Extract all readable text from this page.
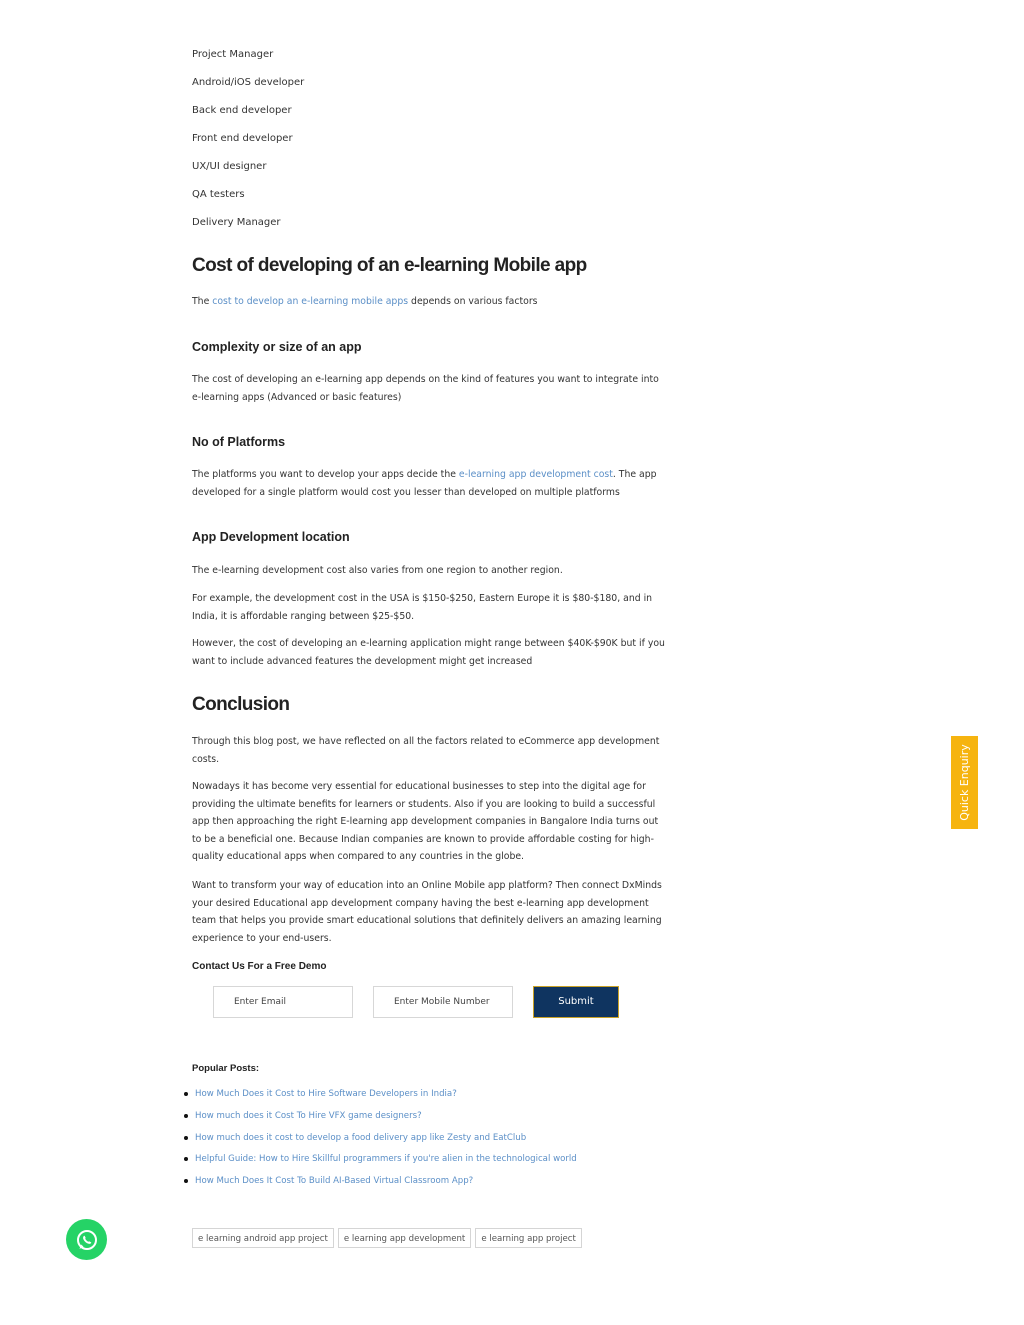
Project Manager
Android/iOS developer
Back end developer
Front end developer
UX/UI designer
QA testers
Delivery Manager
Cost of developing of an e-learning Mobile app
The cost to develop an e-learning mobile apps depends on various factors
Complexity or size of an app
The cost of developing an e-learning app depends on the kind of features you want to integrate into e-learning apps (Advanced or basic features)
No of Platforms
The platforms you want to develop your apps decide the e-learning app development cost. The app developed for a single platform would cost you lesser than developed on multiple platforms
App Development location
The e-learning development cost also varies from one region to another region.
For example, the development cost in the USA is $150-$250, Eastern Europe it is $80-$180, and in India, it is affordable ranging between $25-$50.
However, the cost of developing an e-learning application might range between $40K-$90K but if you want to include advanced features the development might get increased
Conclusion
Through this blog post, we have reflected on all the factors related to eCommerce app development costs.
Nowadays it has become very essential for educational businesses to step into the digital age for providing the ultimate benefits for learners or students. Also if you are looking to build a successful app then approaching the right E-learning app development companies in Bangalore India turns out to be a beneficial one. Because Indian companies are known to provide affordable costing for high-quality educational apps when compared to any countries in the globe.
Want to transform your way of education into an Online Mobile app platform? Then connect DxMinds your desired Educational app development company having the best e-learning app development team that helps you provide smart educational solutions that definitely delivers an amazing learning experience to your end-users.
Contact Us For a Free Demo
Enter Email	Enter Mobile Number	Submit
Popular Posts:
How Much Does it Cost to Hire Software Developers in India?
How much does it Cost To Hire VFX game designers?
How much does it cost to develop a food delivery app like Zesty and EatClub
Helpful Guide: How to Hire Skillful programmers if you're alien in the technological world
How Much Does It Cost To Build AI-Based Virtual Classroom App?
e learning android app project	e learning app development	e learning app project
Quick Enquiry
